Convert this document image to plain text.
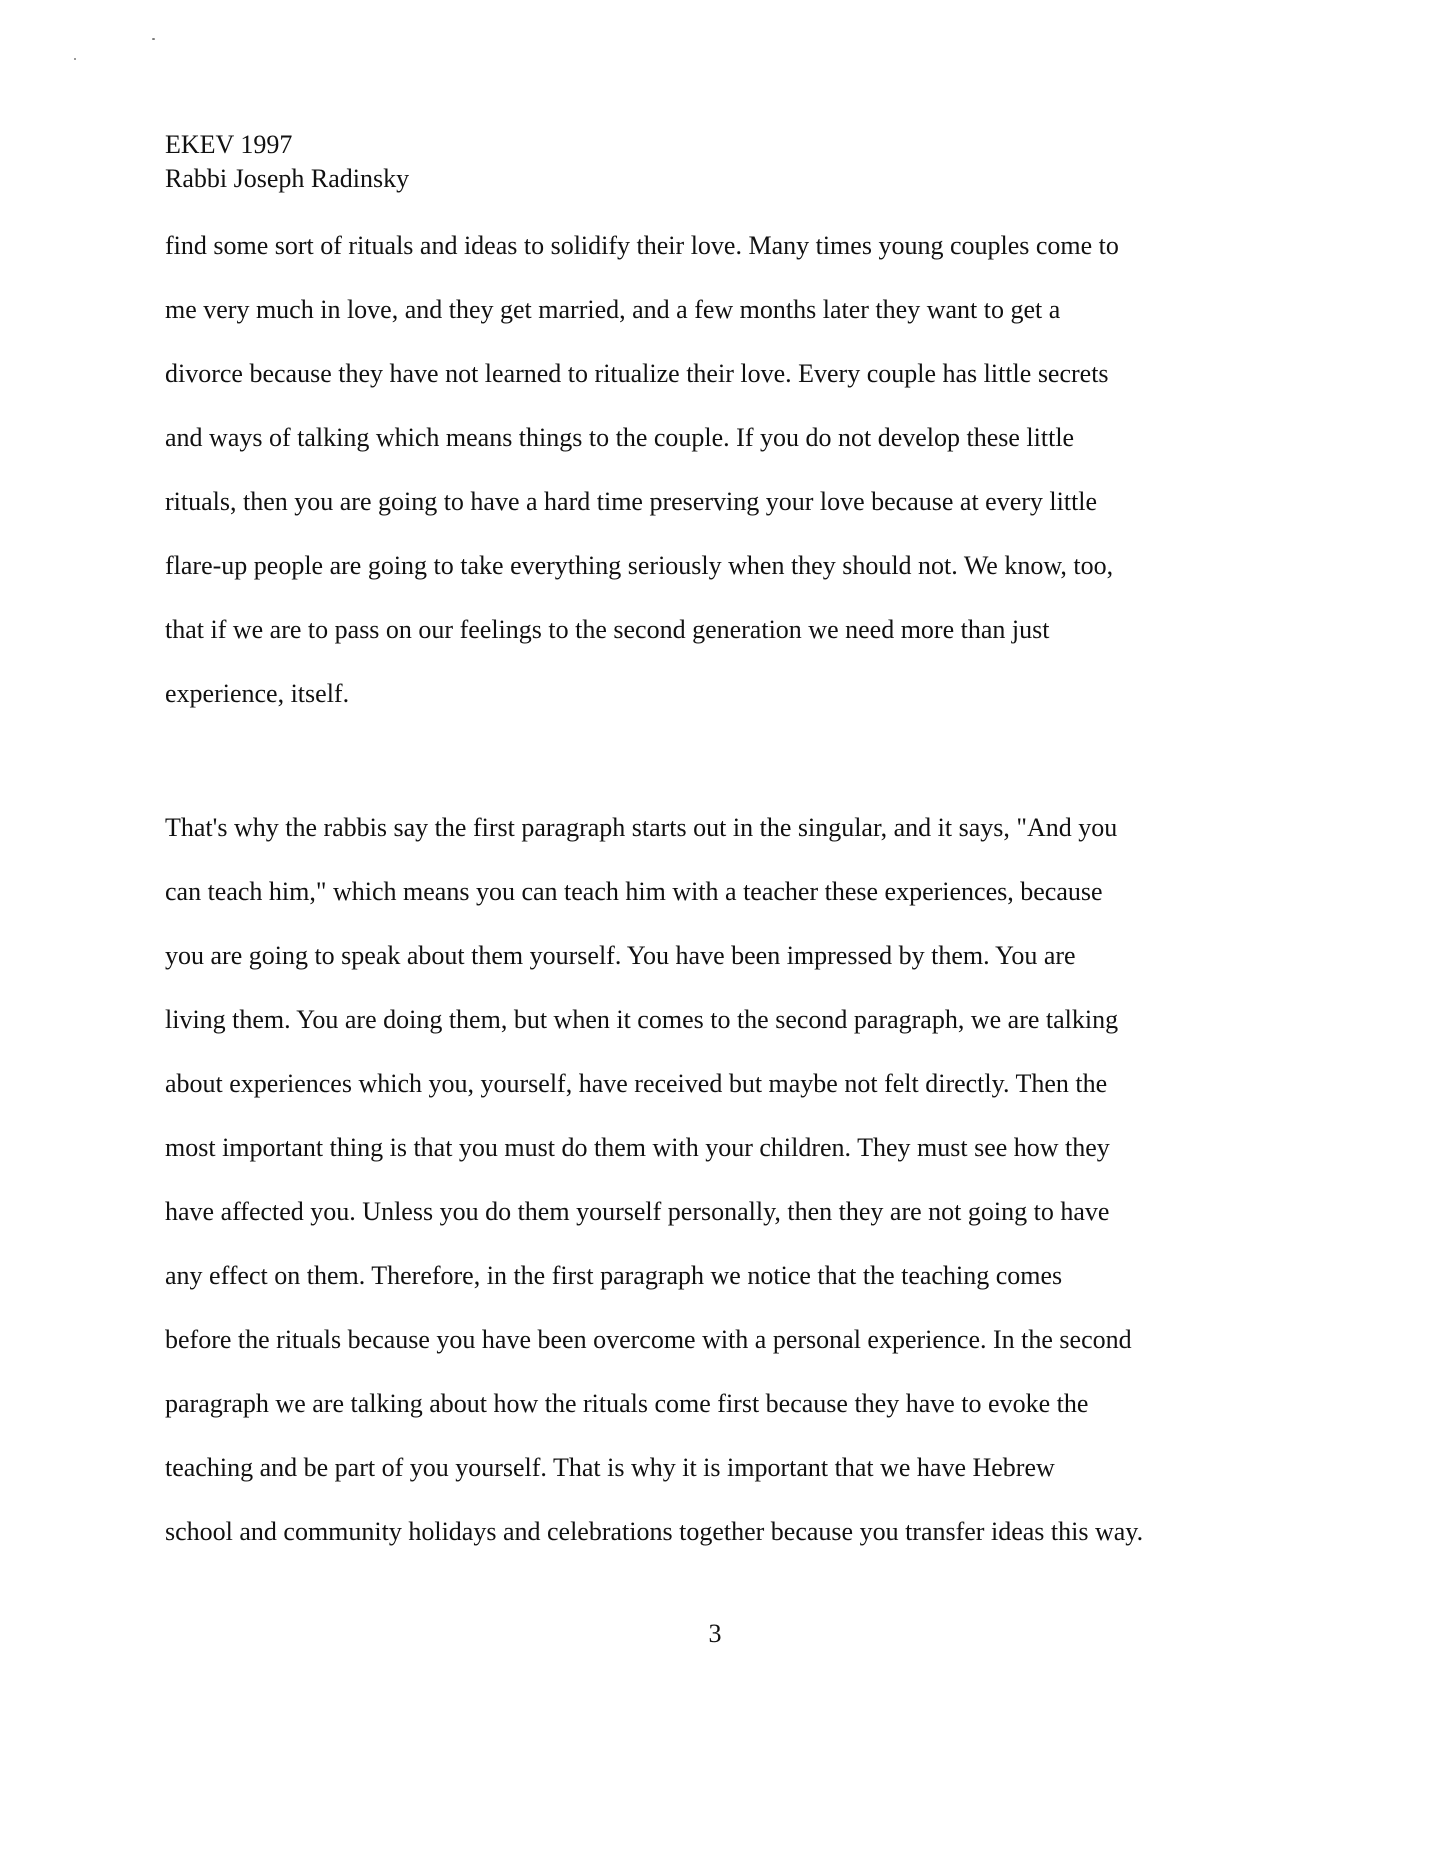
EKEV 1997
Rabbi Joseph Radinsky
find some sort of rituals and ideas to solidify their love. Many times young couples come to
me very much in love, and they get married, and a few months later they want to get a
divorce because they have not learned to ritualize their love. Every couple has little secrets
and ways of talking which means things to the couple. If you do not develop these little
rituals, then you are going to have a hard time preserving your love because at every little
flare-up people are going to take everything seriously when they should not. We know, too,
that if we are to pass on our feelings to the second generation we need more than just
experience, itself.
That's why the rabbis say the first paragraph starts out in the singular, and it says, "And you
can teach him," which means you can teach him with a teacher these experiences, because
you are going to speak about them yourself. You have been impressed by them. You are
living them. You are doing them, but when it comes to the second paragraph, we are talking
about experiences which you, yourself, have received but maybe not felt directly. Then the
most important thing is that you must do them with your children. They must see how they
have affected you. Unless you do them yourself personally, then they are not going to have
any effect on them. Therefore, in the first paragraph we notice that the teaching comes
before the rituals because you have been overcome with a personal experience. In the second
paragraph we are talking about how the rituals come first because they have to evoke the
teaching and be part of you yourself. That is why it is important that we have Hebrew
school and community holidays and celebrations together because you transfer ideas this way.
3
